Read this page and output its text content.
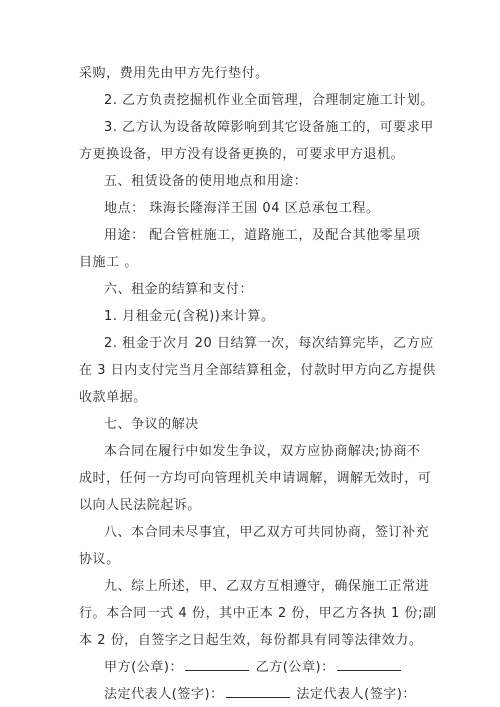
采购，费用先由甲方先行垫付。
2. 乙方负责挖掘机作业全面管理，合理制定施工计划。
3. 乙方认为设备故障影响到其它设备施工的，可要求甲
方更换设备，甲方没有设备更换的，可要求甲方退机。
五、租赁设备的使用地点和用途：
地点： 珠海长隆海洋王国 04 区总承包工程。
用途： 配合管桩施工，道路施工，及配合其他零星项
目施工 。
六、租金的结算和支付：
1. 月租金元(含税))来计算。
2. 租金于次月 20 日结算一次，每次结算完毕，乙方应
在 3 日内支付完当月全部结算租金，付款时甲方向乙方提供
收款单据。
七、争议的解决
本合同在履行中如发生争议，双方应协商解决;协商不
成时，任何一方均可向管理机关申请调解，调解无效时，可
以向人民法院起诉。
八、本合同未尽事宜，甲乙双方可共同协商，签订补充
协议。
九、综上所述，甲、乙双方互相遵守，确保施工正常进
行。本合同一式 4 份，其中正本 2 份，甲乙方各执 1 份;副
本 2 份，自签字之日起生效，每份都具有同等法律效力。
甲方(公章)：	乙方(公章)：
法定代表人(签字)：	法定代表人(签字)：
